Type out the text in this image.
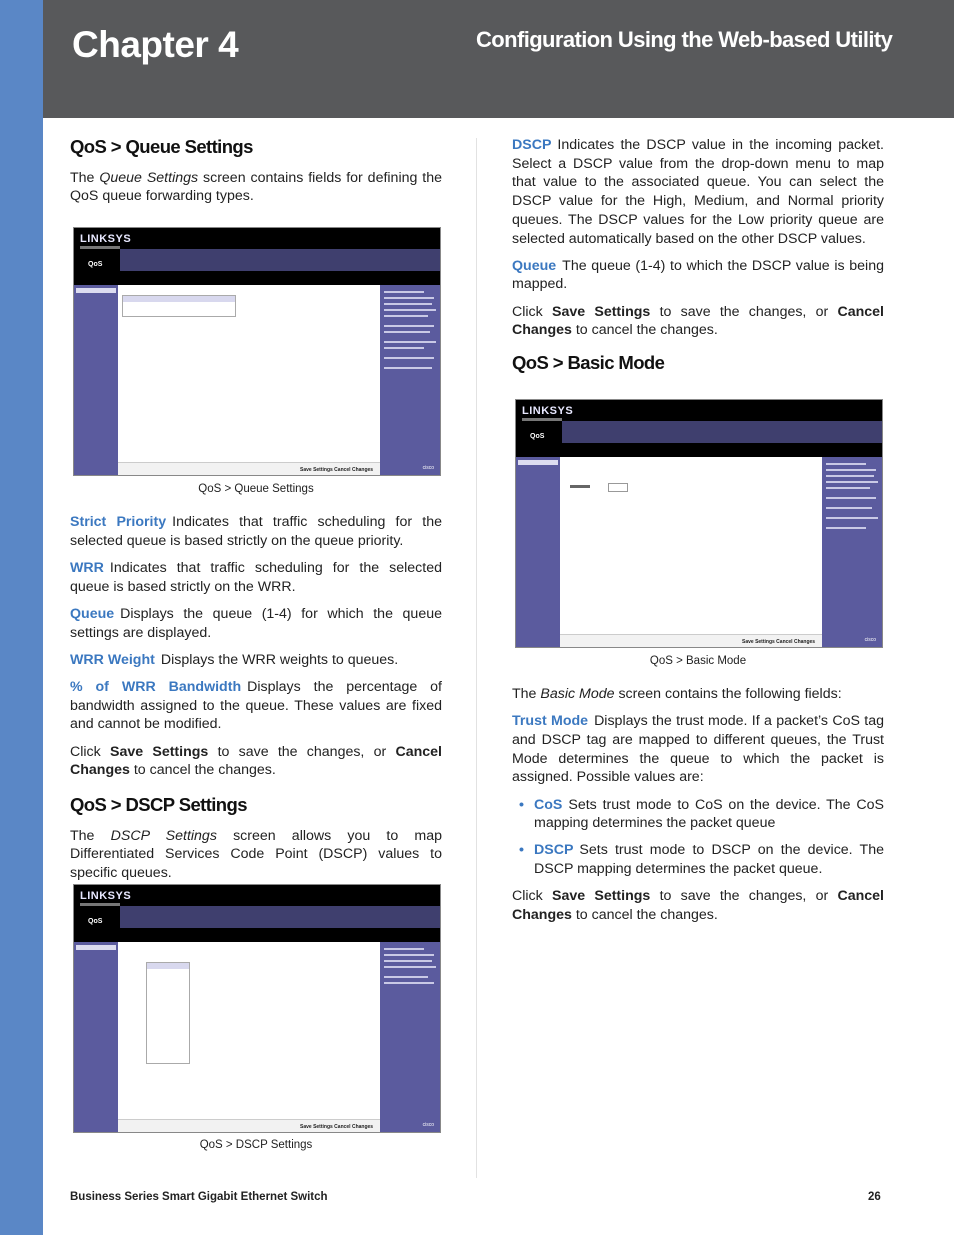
Chapter 4	Configuration Using the Web-based Utility
QoS > Queue Settings

The Queue Settings screen contains fields for defining the QoS queue forwarding types.

LINKSYS
QoS
Save Settings Cancel Changes	cisco
QoS > Queue Settings

Strict Priority Indicates that traffic scheduling for the selected queue is based strictly on the queue priority.

WRR Indicates that traffic scheduling for the selected queue is based strictly on the WRR.

Queue Displays the queue (1-4) for which the queue settings are displayed.

WRR Weight Displays the WRR weights to queues.

% of WRR Bandwidth Displays the percentage of bandwidth assigned to the queue. These values are fixed and cannot be modified.

Click Save Settings to save the changes, or Cancel Changes to cancel the changes.

QoS > DSCP Settings

The DSCP Settings screen allows you to map Differentiated Services Code Point (DSCP) values to specific queues.

LINKSYS
QoS
Save Settings Cancel Changes	cisco
QoS > DSCP Settings

DSCP Indicates the DSCP value in the incoming packet. Select a DSCP value from the drop-down menu to map that value to the associated queue. You can select the DSCP value for the High, Medium, and Normal priority queues. The DSCP values for the Low priority queue are selected automatically based on the other DSCP values.

Queue The queue (1-4) to which the DSCP value is being mapped.

Click Save Settings to save the changes, or Cancel Changes to cancel the changes.

QoS > Basic Mode
LINKSYS
QoS
Save Settings Cancel Changes	cisco
QoS > Basic Mode

The Basic Mode screen contains the following fields:

Trust Mode Displays the trust mode. If a packet’s CoS tag and DSCP tag are mapped to different queues, the Trust Mode determines the queue to which the packet is assigned. Possible values are:

• CoS Sets trust mode to CoS on the device. The CoS mapping determines the packet queue
• DSCP Sets trust mode to DSCP on the device. The DSCP mapping determines the packet queue.

Click Save Settings to save the changes, or Cancel Changes to cancel the changes.

Business Series Smart Gigabit Ethernet Switch	26
